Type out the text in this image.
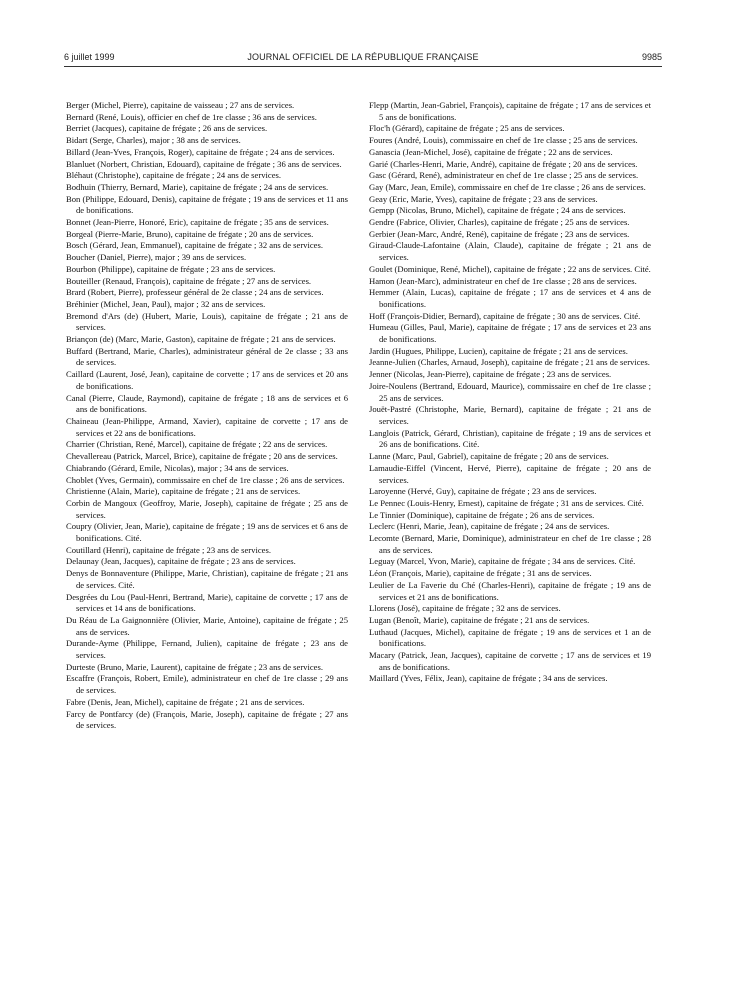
6 juillet 1999	JOURNAL OFFICIEL DE LA RÉPUBLIQUE FRANÇAISE	9985

Berger (Michel, Pierre), capitaine de vaisseau ; 27 ans de services.

Bernard (René, Louis), officier en chef de 1re classe ; 36 ans de services.

Berriet (Jacques), capitaine de frégate ; 26 ans de services.

Bidart (Serge, Charles), major ; 38 ans de services.

Billard (Jean-Yves, François, Roger), capitaine de frégate ; 24 ans de services.

Blanluet (Norbert, Christian, Edouard), capitaine de frégate ; 36 ans de services.

Bléhaut (Christophe), capitaine de frégate ; 24 ans de services.

Bodhuin (Thierry, Bernard, Marie), capitaine de frégate ; 24 ans de services.

Bon (Philippe, Edouard, Denis), capitaine de frégate ; 19 ans de services et 11 ans de bonifications.

Bonnet (Jean-Pierre, Honoré, Eric), capitaine de frégate ; 35 ans de services.

Borgeal (Pierre-Marie, Bruno), capitaine de frégate ; 20 ans de services.

Bosch (Gérard, Jean, Emmanuel), capitaine de frégate ; 32 ans de services.

Boucher (Daniel, Pierre), major ; 39 ans de services.

Bourbon (Philippe), capitaine de frégate ; 23 ans de services.

Bouteiller (Renaud, François), capitaine de frégate ; 27 ans de services.

Brard (Robert, Pierre), professeur général de 2e classe ; 24 ans de services.

Bréhinier (Michel, Jean, Paul), major ; 32 ans de services.

Bremond d'Ars (de) (Hubert, Marie, Louis), capitaine de frégate ; 21 ans de services.

Briançon (de) (Marc, Marie, Gaston), capitaine de frégate ; 21 ans de services.

Buffard (Bertrand, Marie, Charles), administrateur général de 2e classe ; 33 ans de services.

Caillard (Laurent, José, Jean), capitaine de corvette ; 17 ans de services et 20 ans de bonifications.

Canal (Pierre, Claude, Raymond), capitaine de frégate ; 18 ans de services et 6 ans de bonifications.

Chaineau (Jean-Philippe, Armand, Xavier), capitaine de corvette ; 17 ans de services et 22 ans de bonifications.

Charrier (Christian, René, Marcel), capitaine de frégate ; 22 ans de services.

Chevallereau (Patrick, Marcel, Brice), capitaine de frégate ; 20 ans de services.

Chiabrando (Gérard, Emile, Nicolas), major ; 34 ans de services.

Choblet (Yves, Germain), commissaire en chef de 1re classe ; 26 ans de services.

Christienne (Alain, Marie), capitaine de frégate ; 21 ans de services.

Corbin de Mangoux (Geoffroy, Marie, Joseph), capitaine de frégate ; 25 ans de services.

Coupry (Olivier, Jean, Marie), capitaine de frégate ; 19 ans de services et 6 ans de bonifications. Cité.

Coutillard (Henri), capitaine de frégate ; 23 ans de services.

Delaunay (Jean, Jacques), capitaine de frégate ; 23 ans de services.

Denys de Bonnaventure (Philippe, Marie, Christian), capitaine de frégate ; 21 ans de services. Cité.

Desgrées du Lou (Paul-Henri, Bertrand, Marie), capitaine de corvette ; 17 ans de services et 14 ans de bonifications.

Du Réau de La Gaignonnière (Olivier, Marie, Antoine), capitaine de frégate ; 25 ans de services.

Durande-Ayme (Philippe, Fernand, Julien), capitaine de frégate ; 23 ans de services.

Durteste (Bruno, Marie, Laurent), capitaine de frégate ; 23 ans de services.

Escaffre (François, Robert, Emile), administrateur en chef de 1re classe ; 29 ans de services.

Fabre (Denis, Jean, Michel), capitaine de frégate ; 21 ans de services.

Farcy de Pontfarcy (de) (François, Marie, Joseph), capitaine de frégate ; 27 ans de services.

Flepp (Martin, Jean-Gabriel, François), capitaine de frégate ; 17 ans de services et 5 ans de bonifications.

Floc'h (Gérard), capitaine de frégate ; 25 ans de services.

Foures (André, Louis), commissaire en chef de 1re classe ; 25 ans de services.

Ganascia (Jean-Michel, José), capitaine de frégate ; 22 ans de services.

Garié (Charles-Henri, Marie, André), capitaine de frégate ; 20 ans de services.

Gasc (Gérard, René), administrateur en chef de 1re classe ; 25 ans de services.

Gay (Marc, Jean, Emile), commissaire en chef de 1re classe ; 26 ans de services.

Geay (Eric, Marie, Yves), capitaine de frégate ; 23 ans de services.

Gempp (Nicolas, Bruno, Michel), capitaine de frégate ; 24 ans de services.

Gendre (Fabrice, Olivier, Charles), capitaine de frégate ; 25 ans de services.

Gerbier (Jean-Marc, André, René), capitaine de frégate ; 23 ans de services.

Giraud-Claude-Lafontaine (Alain, Claude), capitaine de frégate ; 21 ans de services.

Goulet (Dominique, René, Michel), capitaine de frégate ; 22 ans de services. Cité.

Hamon (Jean-Marc), administrateur en chef de 1re classe ; 28 ans de services.

Hemmer (Alain, Lucas), capitaine de frégate ; 17 ans de services et 4 ans de bonifications.

Hoff (François-Didier, Bernard), capitaine de frégate ; 30 ans de services. Cité.

Humeau (Gilles, Paul, Marie), capitaine de frégate ; 17 ans de services et 23 ans de bonifications.

Jardin (Hugues, Philippe, Lucien), capitaine de frégate ; 21 ans de services.

Jeanne-Julien (Charles, Arnaud, Joseph), capitaine de frégate ; 21 ans de services.

Jenner (Nicolas, Jean-Pierre), capitaine de frégate ; 23 ans de services.

Joire-Noulens (Bertrand, Edouard, Maurice), commissaire en chef de 1re classe ; 25 ans de services.

Jouët-Pastré (Christophe, Marie, Bernard), capitaine de frégate ; 21 ans de services.

Langlois (Patrick, Gérard, Christian), capitaine de frégate ; 19 ans de services et 26 ans de bonifications. Cité.

Lanne (Marc, Paul, Gabriel), capitaine de frégate ; 20 ans de services.

Lamaudie-Eiffel (Vincent, Hervé, Pierre), capitaine de frégate ; 20 ans de services.

Laroyenne (Hervé, Guy), capitaine de frégate ; 23 ans de services.

Le Pennec (Louis-Henry, Ernest), capitaine de frégate ; 31 ans de services. Cité.

Le Tinnier (Dominique), capitaine de frégate ; 26 ans de services.

Leclerc (Henri, Marie, Jean), capitaine de frégate ; 24 ans de services.

Lecomte (Bernard, Marie, Dominique), administrateur en chef de 1re classe ; 28 ans de services.

Leguay (Marcel, Yvon, Marie), capitaine de frégate ; 34 ans de services. Cité.

Léon (François, Marie), capitaine de frégate ; 31 ans de services.

Leulier de La Faverie du Ché (Charles-Henri), capitaine de frégate ; 19 ans de services et 21 ans de bonifications.

Llorens (José), capitaine de frégate ; 32 ans de services.

Lugan (Benoît, Marie), capitaine de frégate ; 21 ans de services.

Luthaud (Jacques, Michel), capitaine de frégate ; 19 ans de services et 1 an de bonifications.

Macary (Patrick, Jean, Jacques), capitaine de corvette ; 17 ans de services et 19 ans de bonifications.

Maillard (Yves, Félix, Jean), capitaine de frégate ; 34 ans de services.
